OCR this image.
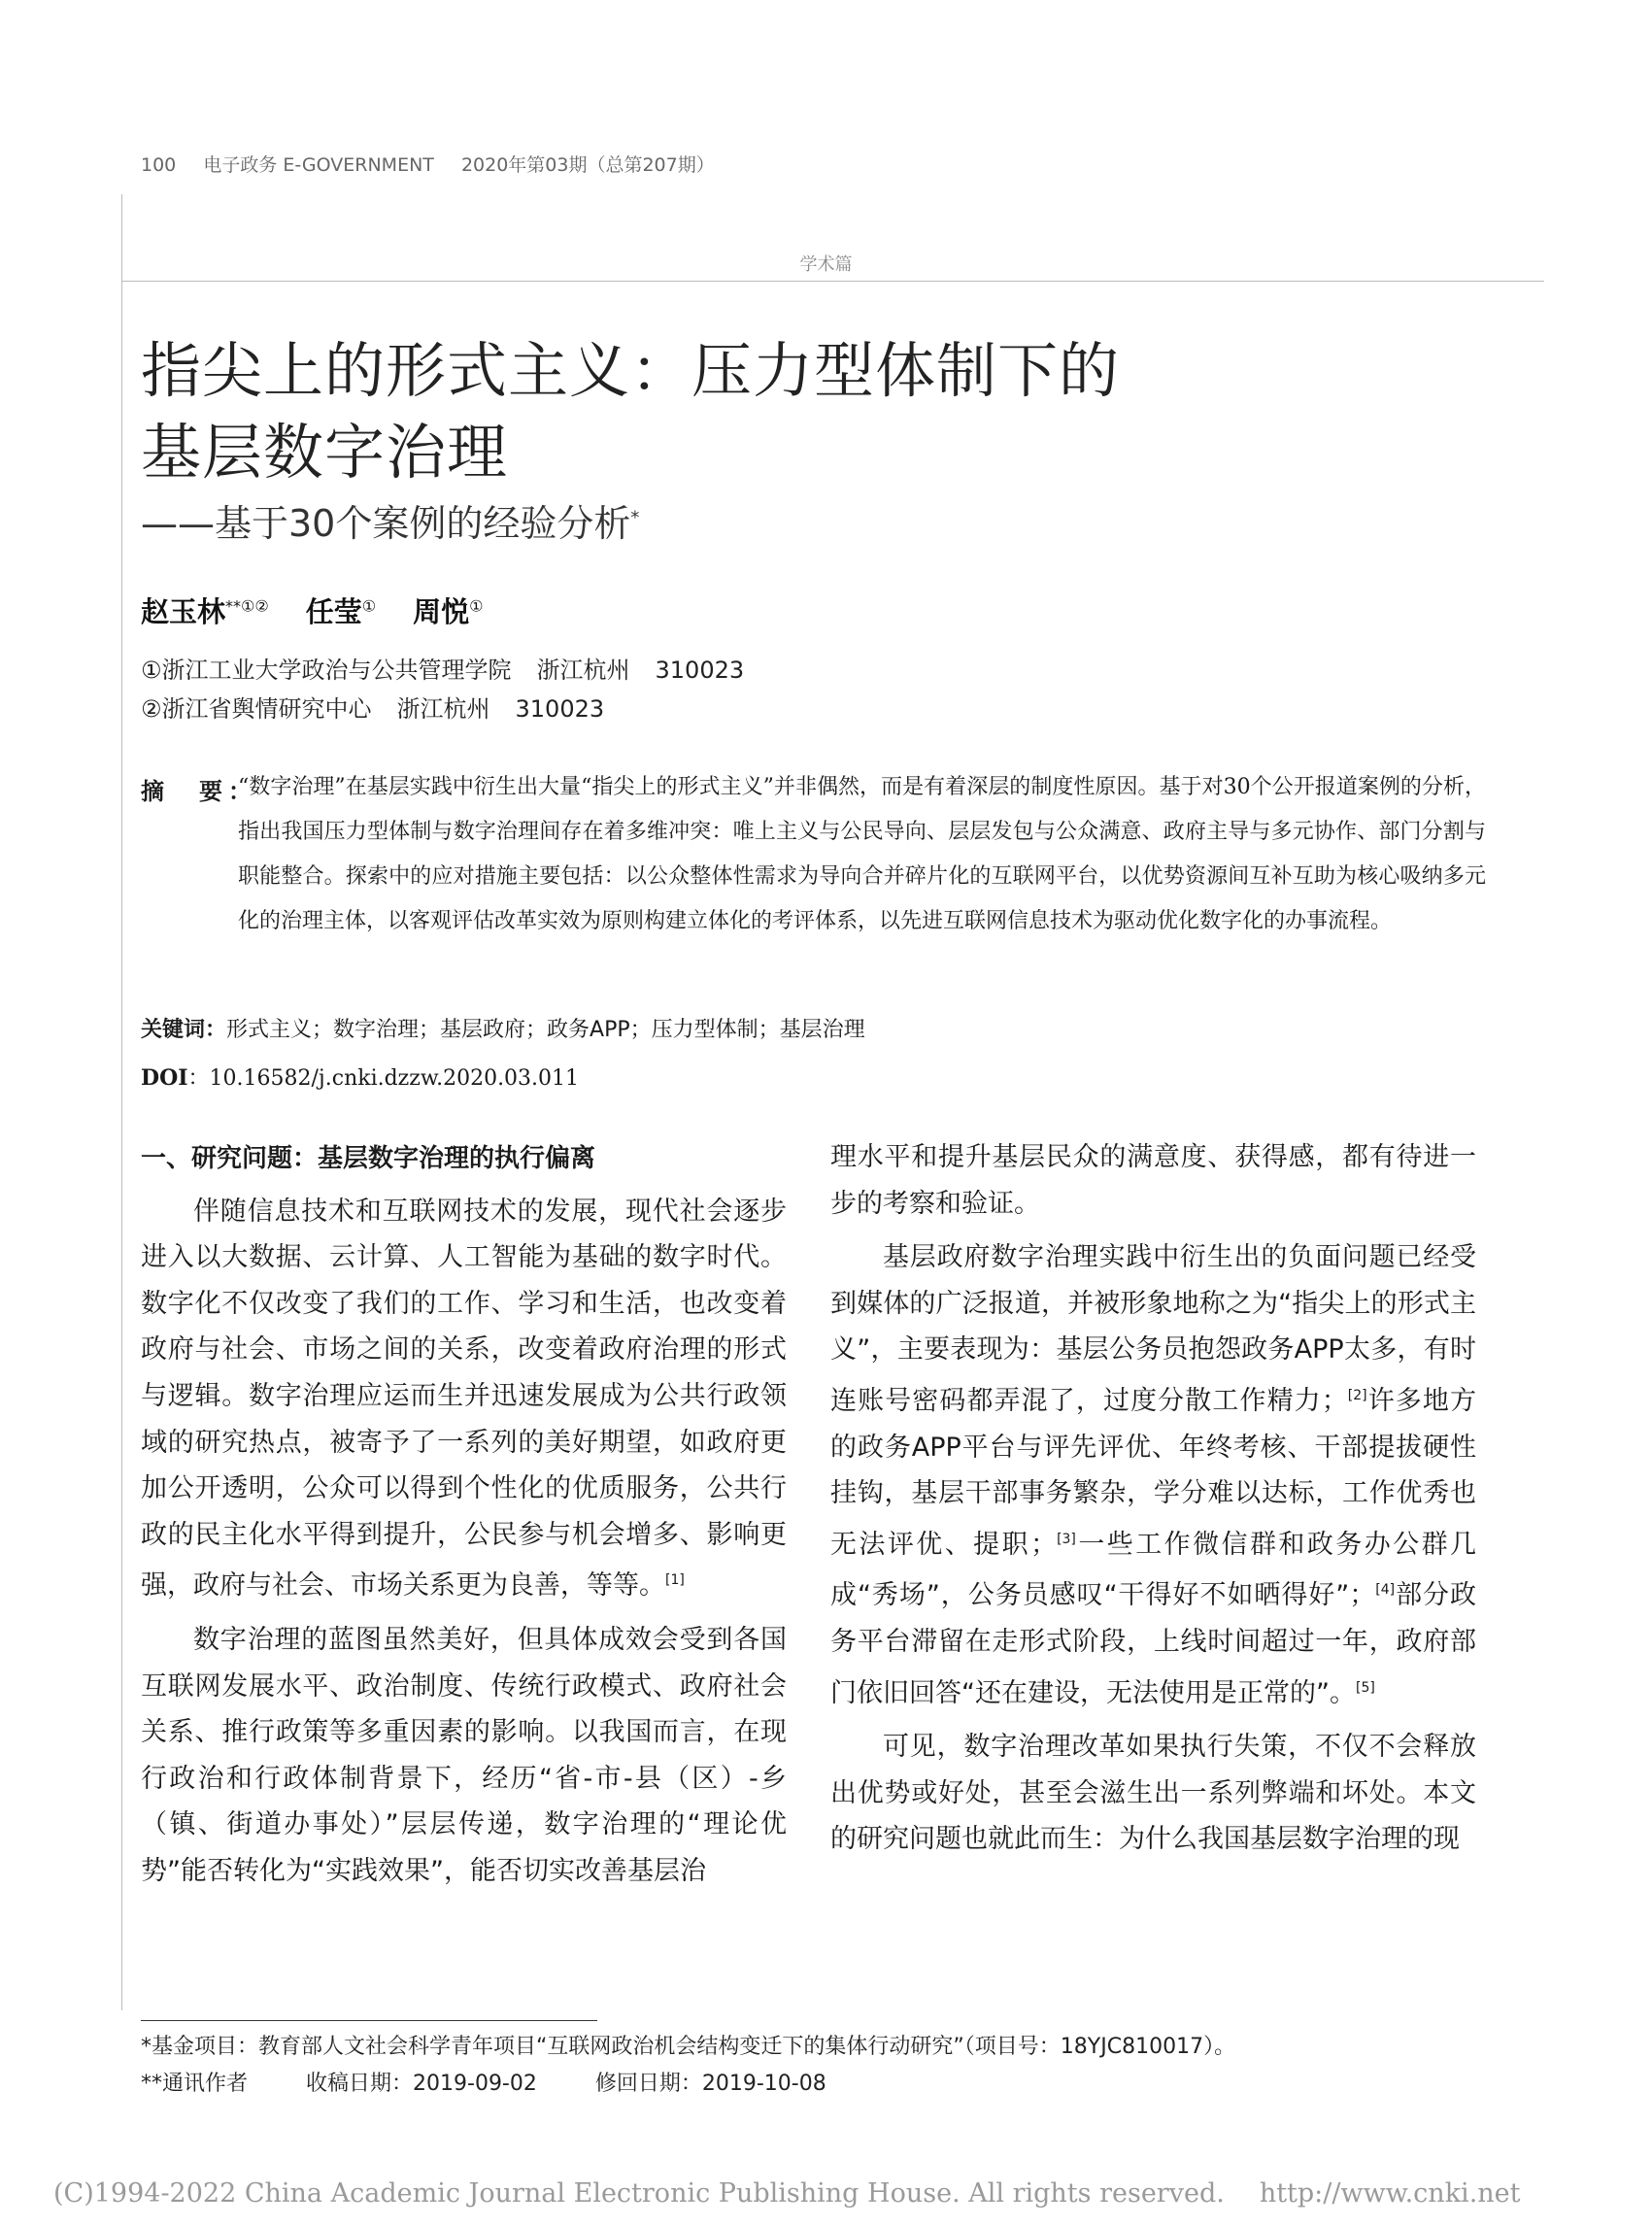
100 电子政务 E-GOVERNMENT 2020年第03期（总第207期）
学术篇
指尖上的形式主义：压力型体制下的
基层数字治理
——基于30个案例的经验分析*
赵玉林**①② 任莹① 周悦①
①浙江工业大学政治与公共管理学院 浙江杭州 310023
②浙江省舆情研究中心 浙江杭州 310023
摘　要：
“数字治理”在基层实践中衍生出大量“指尖上的形式主义”并非偶然，而是有着深层的制度性原因。基于对30个公开报道案例的分析，指出我国压力型体制与数字治理间存在着多维冲突：唯上主义与公民导向、层层发包与公众满意、政府主导与多元协作、部门分割与职能整合。探索中的应对措施主要包括：以公众整体性需求为导向合并碎片化的互联网平台，以优势资源间互补互助为核心吸纳多元化的治理主体，以客观评估改革实效为原则构建立体化的考评体系，以先进互联网信息技术为驱动优化数字化的办事流程。
关键词：形式主义；数字治理；基层政府；政务APP；压力型体制；基层治理
DOI：10.16582/j.cnki.dzzw.2020.03.011
一、研究问题：基层数字治理的执行偏离

伴随信息技术和互联网技术的发展，现代社会逐步进入以大数据、云计算、人工智能为基础的数字时代。数字化不仅改变了我们的工作、学习和生活，也改变着政府与社会、市场之间的关系，改变着政府治理的形式与逻辑。数字治理应运而生并迅速发展成为公共行政领域的研究热点，被寄予了一系列的美好期望，如政府更加公开透明，公众可以得到个性化的优质服务，公共行政的民主化水平得到提升，公民参与机会增多、影响更强，政府与社会、市场关系更为良善，等等。[1]

数字治理的蓝图虽然美好，但具体成效会受到各国互联网发展水平、政治制度、传统行政模式、政府社会关系、推行政策等多重因素的影响。以我国而言，在现行政治和行政体制背景下，经历“省-市-县（区）-乡（镇、街道办事处）”层层传递，数字治理的“理论优势”能否转化为“实践效果”，能否切实改善基层治

理水平和提升基层民众的满意度、获得感，都有待进一步的考察和验证。

基层政府数字治理实践中衍生出的负面问题已经受到媒体的广泛报道，并被形象地称之为“指尖上的形式主义”，主要表现为：基层公务员抱怨政务APP太多，有时连账号密码都弄混了，过度分散工作精力；[2]许多地方的政务APP平台与评先评优、年终考核、干部提拔硬性挂钩，基层干部事务繁杂，学分难以达标，工作优秀也无法评优、提职；[3]一些工作微信群和政务办公群几成“秀场”，公务员感叹“干得好不如晒得好”；[4]部分政务平台滞留在走形式阶段，上线时间超过一年，政府部门依旧回答“还在建设，无法使用是正常的”。[5]

可见，数字治理改革如果执行失策，不仅不会释放出优势或好处，甚至会滋生出一系列弊端和坏处。本文的研究问题也就此而生：为什么我国基层数字治理的现

*基金项目：教育部人文社会科学青年项目“互联网政治机会结构变迁下的集体行动研究”（项目号：18YJC810017）。
**通讯作者	收稿日期：2019-09-02	修回日期：2019-10-08
(C)1994-2022 China Academic Journal Electronic Publishing House. All rights reserved. http://www.cnki.net
